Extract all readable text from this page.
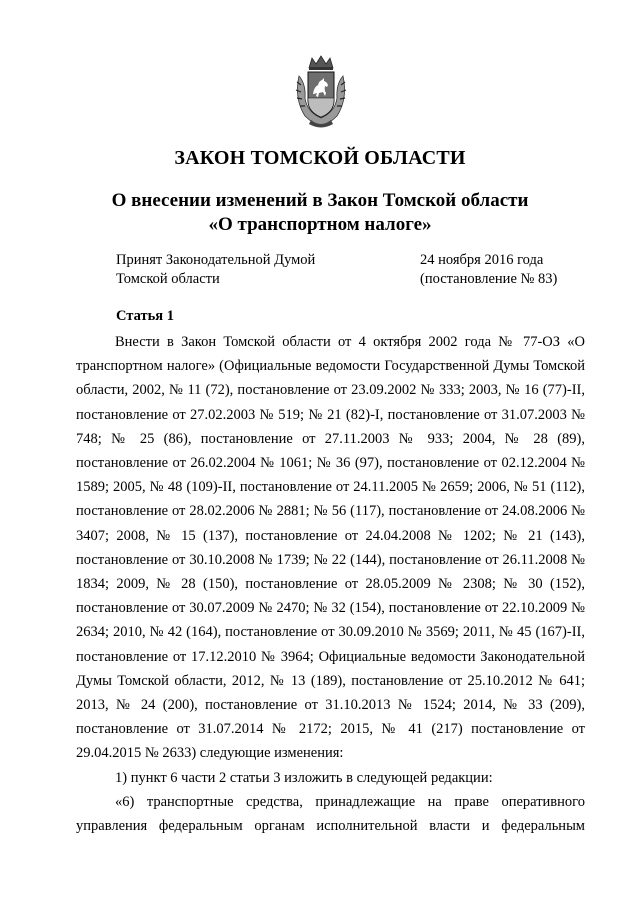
ЗАКОН ТОМСКОЙ ОБЛАСТИ
О внесении изменений в Закон Томской области
«О транспортном налоге»
Принят Законодательной Думой
Томской области
24 ноября 2016 года
(постановление № 83)
Статья 1

Внести в Закон Томской области от 4 октября 2002 года № 77-ОЗ «О транспортном налоге» (Официальные ведомости Государственной Думы Томской области, 2002, № 11 (72), постановление от 23.09.2002 № 333; 2003, № 16 (77)-II, постановление от 27.02.2003 № 519; № 21 (82)-I, постановление от 31.07.2003 № 748; № 25 (86), постановление от 27.11.2003 № 933; 2004, № 28 (89), постановление от 26.02.2004 № 1061; № 36 (97), постановление от 02.12.2004 № 1589; 2005, № 48 (109)-II, постановление от 24.11.2005 № 2659; 2006, № 51 (112), постановление от 28.02.2006 № 2881; № 56 (117), постановление от 24.08.2006 № 3407; 2008, № 15 (137), постановление от 24.04.2008 № 1202; № 21 (143), постановление от 30.10.2008 № 1739; № 22 (144), постановление от 26.11.2008 № 1834; 2009, № 28 (150), постановление от 28.05.2009 № 2308; № 30 (152), постановление от 30.07.2009 № 2470; № 32 (154), постановление от 22.10.2009 № 2634; 2010, № 42 (164), постановление от 30.09.2010 № 3569; 2011, № 45 (167)-II, постановление от 17.12.2010 № 3964; Официальные ведомости Законодательной Думы Томской области, 2012, № 13 (189), постановление от 25.10.2012 № 641; 2013, № 24 (200), постановление от 31.10.2013 № 1524; 2014, № 33 (209), постановление от 31.07.2014 № 2172; 2015, № 41 (217) постановление от 29.04.2015 № 2633) следующие изменения:

1) пункт 6 части 2 статьи 3 изложить в следующей редакции:

«6) транспортные средства, принадлежащие на праве оперативного управления федеральным органам исполнительной власти и федеральным
